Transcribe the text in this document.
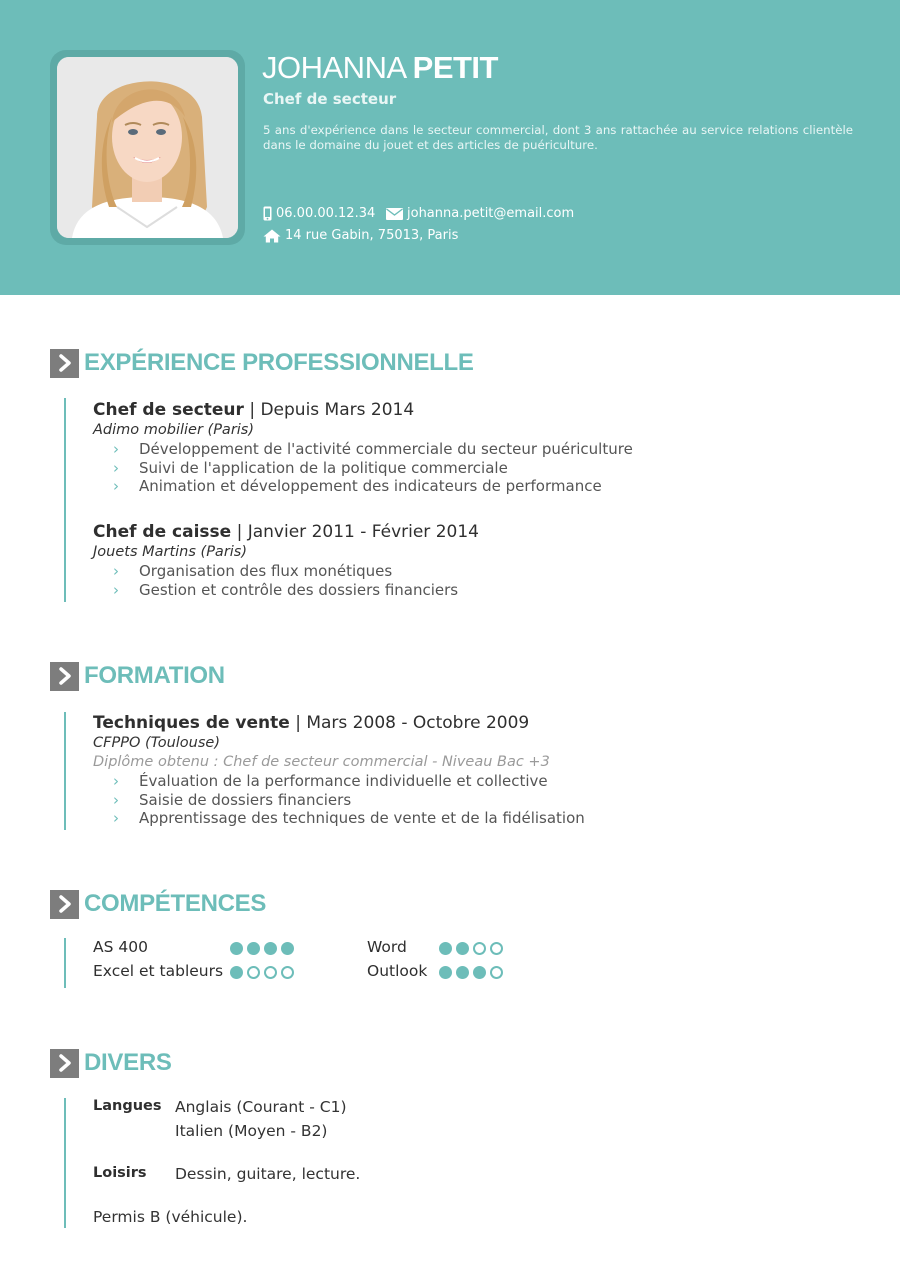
JOHANNA PETIT
Chef de secteur
5 ans d'expérience dans le secteur commercial, dont 3 ans rattachée au service relations clientèle dans le domaine du jouet et des articles de puériculture.
06.00.00.12.34 johanna.petit@email.com
14 rue Gabin, 75013, Paris
EXPÉRIENCE PROFESSIONNELLE
Chef de secteur | Depuis Mars 2014
Adimo mobilier (Paris)
› Développement de l'activité commerciale du secteur puériculture
› Suivi de l'application de la politique commerciale
› Animation et développement des indicateurs de performance
Chef de caisse | Janvier 2011 - Février 2014
Jouets Martins (Paris)
› Organisation des flux monétiques
› Gestion et contrôle des dossiers financiers
FORMATION
Techniques de vente | Mars 2008 - Octobre 2009
CFPPO (Toulouse)
Diplôme obtenu : Chef de secteur commercial - Niveau Bac +3
› Évaluation de la performance individuelle et collective
› Saisie de dossiers financiers
› Apprentissage des techniques de vente et de la fidélisation
COMPÉTENCES
AS 400
Excel et tableurs
Word
Outlook
DIVERS
Langues Anglais (Courant - C1)
Italien (Moyen - B2)
Loisirs Dessin, guitare, lecture.
Permis B (véhicule).
